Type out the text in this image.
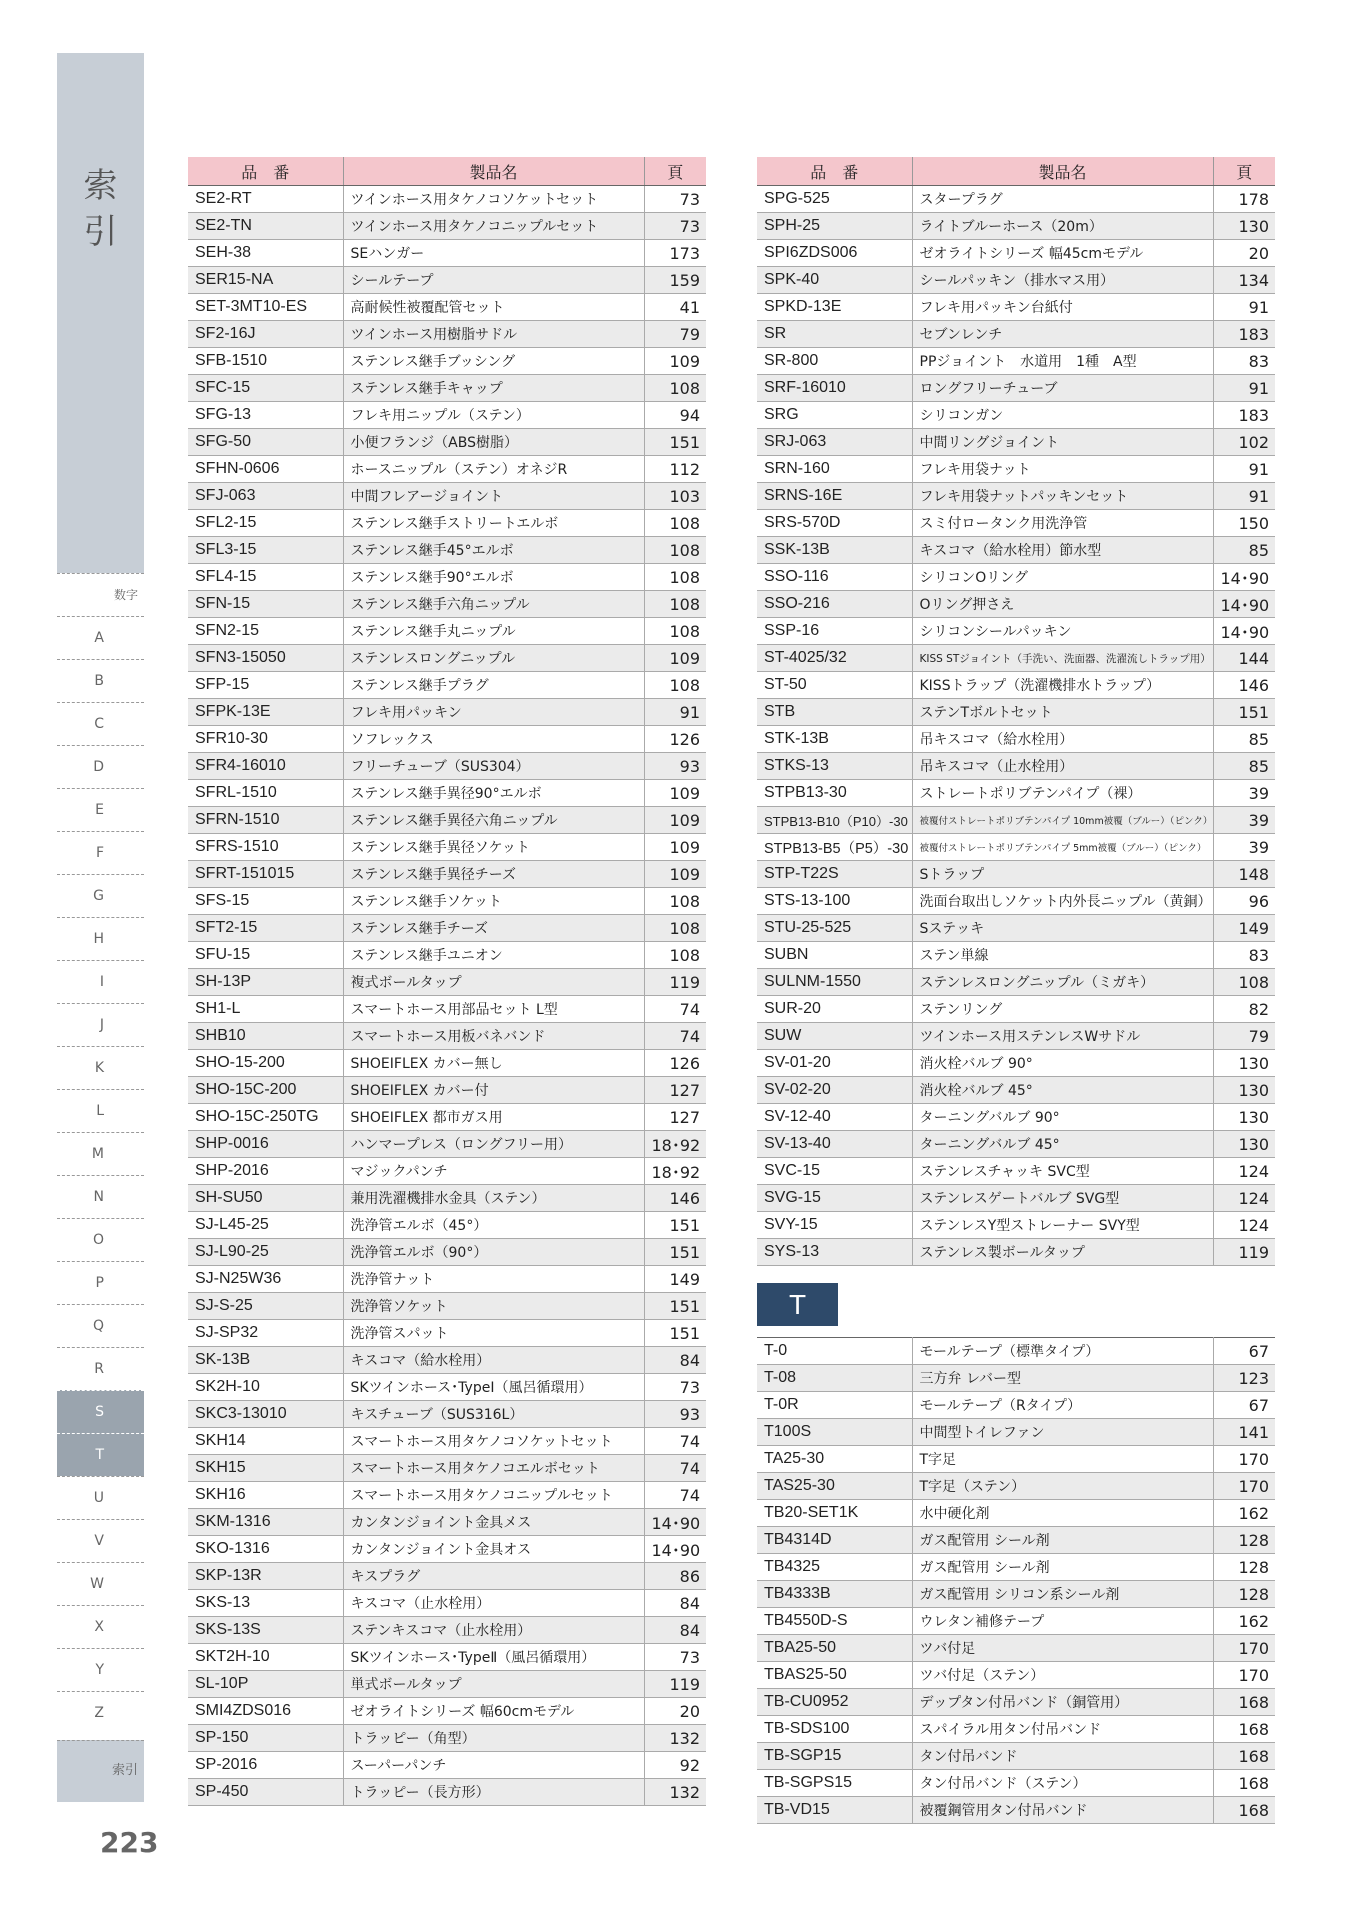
索
引
数字
A
B
C
D
E
F
G
H
I
J
K
L
M
N
O
P
Q
R
S
T
U
V
W
X
Y
Z
索引
223
品　番	製品名	頁
SE2-RT	ツインホース用タケノコソケットセット	73
SE2-TN	ツインホース用タケノコニップルセット	73
SEH-38	SEハンガー	173
SER15-NA	シールテープ	159
SET-3MT10-ES	高耐候性被覆配管セット	41
SF2-16J	ツインホース用樹脂サドル	79
SFB-1510	ステンレス継手ブッシング	109
SFC-15	ステンレス継手キャップ	108
SFG-13	フレキ用ニップル（ステン）	94
SFG-50	小便フランジ（ABS樹脂）	151
SFHN-0606	ホースニップル（ステン）オネジR	112
SFJ-063	中間フレアージョイント	103
SFL2-15	ステンレス継手ストリートエルボ	108
SFL3-15	ステンレス継手45°エルボ	108
SFL4-15	ステンレス継手90°エルボ	108
SFN-15	ステンレス継手六角ニップル	108
SFN2-15	ステンレス継手丸ニップル	108
SFN3-15050	ステンレスロングニップル	109
SFP-15	ステンレス継手プラグ	108
SFPK-13E	フレキ用パッキン	91
SFR10-30	ソフレックス	126
SFR4-16010	フリーチューブ（SUS304）	93
SFRL-1510	ステンレス継手異径90°エルボ	109
SFRN-1510	ステンレス継手異径六角ニップル	109
SFRS-1510	ステンレス継手異径ソケット	109
SFRT-151015	ステンレス継手異径チーズ	109
SFS-15	ステンレス継手ソケット	108
SFT2-15	ステンレス継手チーズ	108
SFU-15	ステンレス継手ユニオン	108
SH-13P	複式ボールタップ	119
SH1-L	スマートホース用部品セット L型	74
SHB10	スマートホース用板バネバンド	74
SHO-15-200	SHOEIFLEX カバー無し	126
SHO-15C-200	SHOEIFLEX カバー付	127
SHO-15C-250TG	SHOEIFLEX 都市ガス用	127
SHP-0016	ハンマープレス（ロングフリー用）	18･92
SHP-2016	マジックパンチ	18･92
SH-SU50	兼用洗濯機排水金具（ステン）	146
SJ-L45-25	洗浄管エルボ（45°）	151
SJ-L90-25	洗浄管エルボ（90°）	151
SJ-N25W36	洗浄管ナット	149
SJ-S-25	洗浄管ソケット	151
SJ-SP32	洗浄管スパット	151
SK-13B	キスコマ（給水栓用）	84
SK2H-10	SKツインホース･TypeⅠ（風呂循環用）	73
SKC3-13010	キスチューブ（SUS316L）	93
SKH14	スマートホース用タケノコソケットセット	74
SKH15	スマートホース用タケノコエルボセット	74
SKH16	スマートホース用タケノコニップルセット	74
SKM-1316	カンタンジョイント金具メス	14･90
SKO-1316	カンタンジョイント金具オス	14･90
SKP-13R	キスプラグ	86
SKS-13	キスコマ（止水栓用）	84
SKS-13S	ステンキスコマ（止水栓用）	84
SKT2H-10	SKツインホース･TypeⅡ（風呂循環用）	73
SL-10P	単式ボールタップ	119
SMI4ZDS016	ゼオライトシリーズ 幅60cmモデル	20
SP-150	トラッピー（角型）	132
SP-2016	スーパーパンチ	92
SP-450	トラッピー（長方形）	132
品　番	製品名	頁
SPG-525	スタープラグ	178
SPH-25	ライトブルーホース（20m）	130
SPI6ZDS006	ゼオライトシリーズ 幅45cmモデル	20
SPK-40	シールパッキン（排水マス用）	134
SPKD-13E	フレキ用パッキン台紙付	91
SR	セブンレンチ	183
SR-800	PPジョイント　水道用　1種　A型	83
SRF-16010	ロングフリーチューブ	91
SRG	シリコンガン	183
SRJ-063	中間リングジョイント	102
SRN-160	フレキ用袋ナット	91
SRNS-16E	フレキ用袋ナットパッキンセット	91
SRS-570D	スミ付ロータンク用洗浄管	150
SSK-13B	キスコマ（給水栓用）節水型	85
SSO-116	シリコンOリング	14･90
SSO-216	Oリング押さえ	14･90
SSP-16	シリコンシールパッキン	14･90
ST-4025/32	KISS STジョイント（手洗い、洗面器、洗濯流しトラップ用）	144
ST-50	KISSトラップ（洗濯機排水トラップ）	146
STB	ステンTボルトセット	151
STK-13B	吊キスコマ（給水栓用）	85
STKS-13	吊キスコマ（止水栓用）	85
STPB13-30	ストレートポリブテンパイプ（裸）	39
STPB13-B10（P10）-30	被覆付ストレートポリブテンパイプ 10mm被覆（ブルー）（ピンク）	39
STPB13-B5（P5）-30	被覆付ストレートポリブテンパイプ 5mm被覆（ブルー）（ピンク）	39
STP-T22S	Sトラップ	148
STS-13-100	洗面台取出しソケット内外長ニップル（黄銅）	96
STU-25-525	Sステッキ	149
SUBN	ステン単線	83
SULNM-1550	ステンレスロングニップル（ミガキ）	108
SUR-20	ステンリング	82
SUW	ツインホース用ステンレスWサドル	79
SV-01-20	消火栓バルブ 90°	130
SV-02-20	消火栓バルブ 45°	130
SV-12-40	ターニングバルブ 90°	130
SV-13-40	ターニングバルブ 45°	130
SVC-15	ステンレスチャッキ SVC型	124
SVG-15	ステンレスゲートバルブ SVG型	124
SVY-15	ステンレスY型ストレーナー SVY型	124
SYS-13	ステンレス製ボールタップ	119
T
T-0	モールテープ（標準タイプ）	67
T-08	三方弁 レバー型	123
T-0R	モールテープ（Rタイプ）	67
T100S	中間型トイレファン	141
TA25-30	T字足	170
TAS25-30	T字足（ステン）	170
TB20-SET1K	水中硬化剤	162
TB4314D	ガス配管用 シール剤	128
TB4325	ガス配管用 シール剤	128
TB4333B	ガス配管用 シリコン系シール剤	128
TB4550D-S	ウレタン補修テープ	162
TBA25-50	ツバ付足	170
TBAS25-50	ツバ付足（ステン）	170
TB-CU0952	デップタン付吊バンド（銅管用）	168
TB-SDS100	スパイラル用タン付吊バンド	168
TB-SGP15	タン付吊バンド	168
TB-SGPS15	タン付吊バンド（ステン）	168
TB-VD15	被覆鋼管用タン付吊バンド	168
